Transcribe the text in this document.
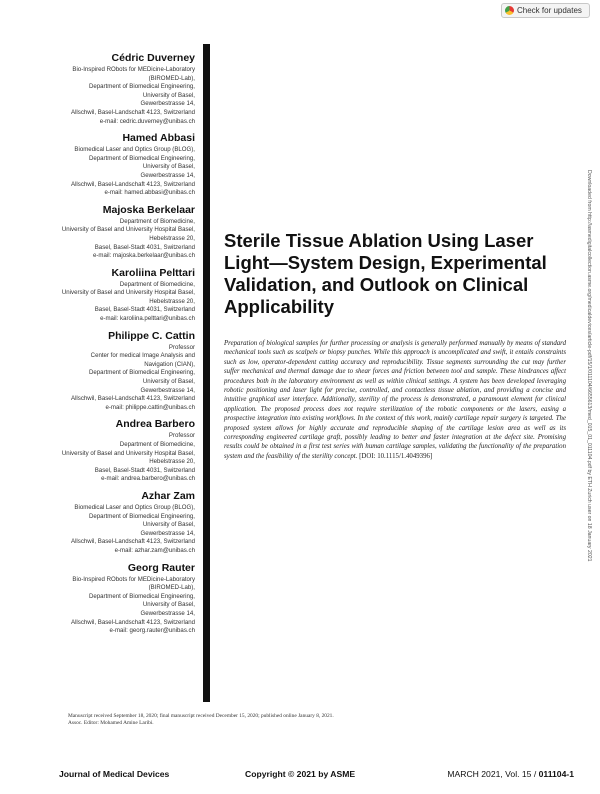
Check for updates
Cédric Duverney
Bio-Inspired RObots for MEDicine-Laboratory
(BIROMED-Lab),
Department of Biomedical Engineering,
University of Basel,
Gewerbestrasse 14,
Allschwil, Basel-Landschaft 4123, Switzerland
e-mail: cedric.duverney@unibas.ch
Hamed Abbasi
Biomedical Laser and Optics Group (BLOG),
Department of Biomedical Engineering,
University of Basel,
Gewerbestrasse 14,
Allschwil, Basel-Landschaft 4123, Switzerland
e-mail: hamed.abbasi@unibas.ch
Majoska Berkelaar
Department of Biomedicine,
University of Basel and University Hospital Basel,
Hebelstrasse 20,
Basel, Basel-Stadt 4031, Switzerland
e-mail: majoska.berkelaar@unibas.ch
Karoliina Pelttari
Department of Biomedicine,
University of Basel and University Hospital Basel,
Hebelstrasse 20,
Basel, Basel-Stadt 4031, Switzerland
e-mail: karoliina.pelttari@unibas.ch
Philippe C. Cattin
Professor
Center for medical Image Analysis and
Navigation (CIAN),
Department of Biomedical Engineering,
University of Basel,
Gewerbestrasse 14,
Allschwil, Basel-Landschaft 4123, Switzerland
e-mail: philippe.cattin@unibas.ch
Andrea Barbero
Professor
Department of Biomedicine,
University of Basel and University Hospital Basel,
Hebelstrasse 20,
Basel, Basel-Stadt 4031, Switzerland
e-mail: andrea.barbero@unibas.ch
Azhar Zam
Biomedical Laser and Optics Group (BLOG),
Department of Biomedical Engineering,
University of Basel,
Gewerbestrasse 14,
Allschwil, Basel-Landschaft 4123, Switzerland
e-mail: azhar.zam@unibas.ch
Georg Rauter
Bio-Inspired RObots for MEDicine-Laboratory
(BIROMED-Lab),
Department of Biomedical Engineering,
University of Basel,
Gewerbestrasse 14,
Allschwil, Basel-Landschaft 4123, Switzerland
e-mail: georg.rauter@unibas.ch
Sterile Tissue Ablation Using Laser Light—System Design, Experimental Validation, and Outlook on Clinical Applicability
Preparation of biological samples for further processing or analysis is generally performed manually by means of standard mechanical tools such as scalpels or biopsy punches. While this approach is uncomplicated and swift, it entails constraints such as low, operator-dependent cutting accuracy and reproducibility. Tissue segments surrounding the cut may further suffer mechanical and thermal damage due to shear forces and friction between tool and sample. These hindrances affect procedures both in the laboratory environment as well as within clinical settings. A system has been developed leveraging robotic positioning and laser light for precise, controlled, and contactless tissue ablation, and providing a concise and intuitive graphical user interface. Additionally, sterility of the process is demonstrated, a paramount element for clinical application. The proposed process does not require sterilization of the robotic components or the lasers, easing a prospective integration into existing workflows. In the context of this work, mainly cartilage repair surgery is targeted. The proposed system allows for highly accurate and reproducible shaping of the cartilage lesion area as well as its corresponding engineered cartilage graft, possibly leading to better and faster integration at the defect site. Promising results could be obtained in a first test series with human cartilage samples, validating the functionality of the preparation system and the feasibility of the sterility concept. [DOI: 10.1115/1.4049396]	Downloaded from http://asmedigitalcollection.asme.org/medicaldevices/article-pdf/15/1/011104/6655613/med_015_01_011104.pdf by ETH Zurich user on 18 January 2021
Manuscript received September 18, 2020; final manuscript received December 15, 2020; published online January 8, 2021. Assoc. Editor: Mohamed Amine Laribi.
Journal of Medical Devices	Copyright © 2021 by ASME	MARCH 2021, Vol. 15 / 011104-1
